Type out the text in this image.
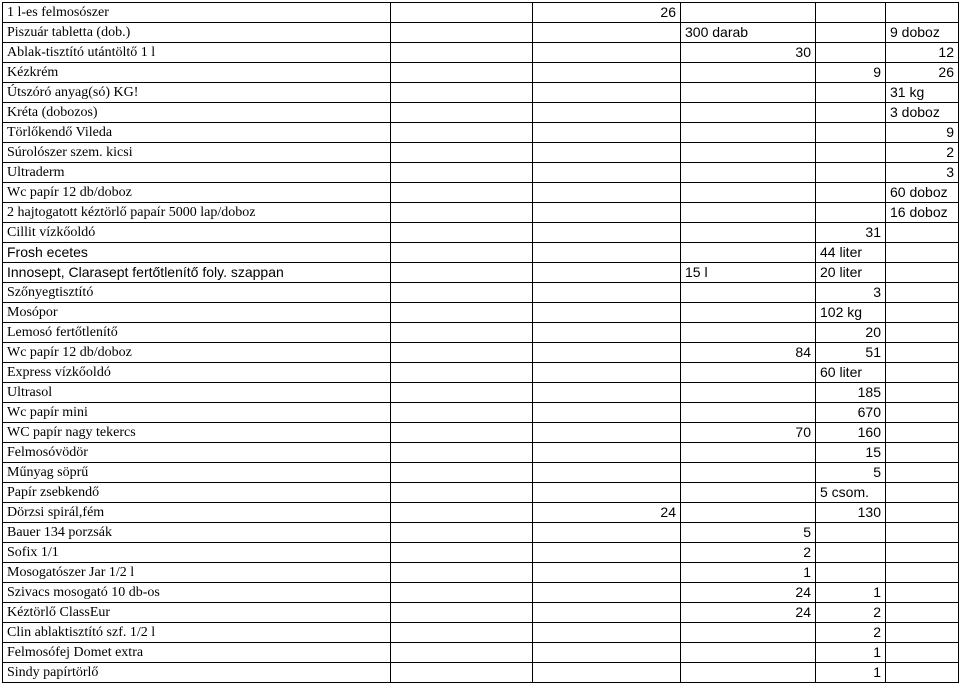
1 l-es felmosószer		26			
Piszuár tabletta (dob.)			300 darab		9 doboz
Ablak-tisztító utántöltő 1 l			30		12
Kézkrém				9	26
Útszóró anyag(só) KG!					31 kg
Kréta (dobozos)					3 doboz
Törlőkendő Vileda					9
Súrolószer szem. kicsi					2
Ultraderm					3
Wc papír 12 db/doboz					60 doboz
2 hajtogatott kéztörlő papaír 5000 lap/doboz					16 doboz
Cillit vízkőoldó				31	
Frosh ecetes				44 liter	
Innosept, Clarasept fertőtlenítő foly. szappan			15 l	20 liter	
Szőnyegtisztító				3	
Mosópor				102 kg	
Lemosó fertőtlenítő				20	
Wc papír 12 db/doboz			84	51	
Express vízkőoldó				60 liter	
Ultrasol				185	
Wc papír mini				670	
WC papír nagy tekercs			70	160	
Felmosóvödör				15	
Műnyag söprű				5	
Papír zsebkendő				5 csom.	
Dörzsi spirál,fém		24		130	
Bauer 134 porzsák			5		
Sofix 1/1			2		
Mosogatószer Jar 1/2 l			1		
Szivacs mosogató 10 db-os			24	1	
Kéztörlő ClassEur			24	2	
Clin ablaktisztító szf. 1/2 l				2	
Felmosófej Domet extra				1	
Sindy papírtörlő				1	
